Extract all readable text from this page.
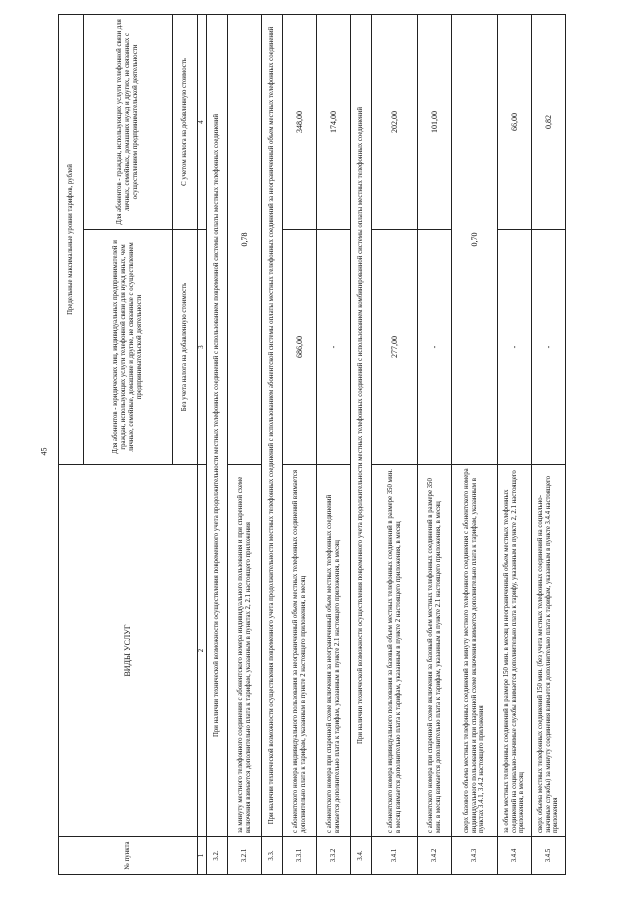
45
№ пункта	ВИДЫ УСЛУГ	Предельные максимальные уровни тарифов, рублей	
		Для абонентов - юридических лиц, индивидуальных предпринимателей и граждан, использующих услуги телефонной связи для нужд иных, чем личные, семейные, домашние и другие, не связанные с осуществлением предпринимательской деятельности	Для абонентов - граждан, использующих услуги телефонной связи для личных, семейных, домашних нужд и других, не связанных с осуществлением предпринимательской деятельности
		Без учета налога на добавленную стоимость	С учетом налога на добавленную стоимость
1	2	3	4
3.2.	При наличии технической возможности осуществления повременного учета продолжительности местных телефонных соединений с использованием повременной системы оплаты местных телефонных соединений		
3.2.1	за минуту местного телефонного соединения с абонентского номера индивидуального пользования и при спаренной схеме включения взимается дополнительно плата к тарифам, указанным в пунктах 2, 2.1 настоящего приложения	0,78	
3.3.	При наличии технической возможности осуществления повременного учета продолжительности местных телефонных соединений с использованием абонентской системы оплаты местных телефонных соединений за неограниченный объем местных телефонных соединений		
3.3.1	с абонентского номера индивидуального пользования за неограниченный объем местных телефонных соединений взимается дополнительно плата к тарифам, указанным в пункте 2 настоящего приложения, в месяц	686,00	348,00
3.3.2	с абонентского номера при спаренной схеме включения за неограниченный объем местных телефонных соединений взимается дополнительно плата к тарифам, указанным в пункте 2.1 настоящего приложения, в месяц	-	174,00
3.4.	При наличии технической возможности осуществления повременного учета продолжительности местных телефонных соединений с использованием комбинированной системы оплаты местных телефонных соединений		
3.4.1	с абонентского номера индивидуального пользования за базовый объем местных телефонных соединений в размере 350 мин. в месяц взимается дополнительно плата к тарифам, указанным в пункте 2 настоящего приложения, в месяц	277,00	202,00
3.4.2	с абонентского номера при спаренной схеме включения за базовый объем местных телефонных соединений в размере 350 мин. в месяц взимается дополнительно плата к тарифам, указанным в пункте 2.1 настоящего приложения, в месяц	-	101,00
3.4.3	сверх базового объема местных телефонных соединений за минуту местного телефонного соединения с абонентского номера индивидуального пользования и при спаренной схеме включения взимается дополнительно плата к тарифам, указанным в пунктах 3.4.1, 3.4.2 настоящего приложения	0,70	
3.4.4	за объем местных телефонных соединений в размере 150 мин. в месяц и неограниченный объем местных телефонных соединений на социально-значимые службы взимается дополнительно плата к тарифу, указанным в пункте 2, 2.1 настоящего приложения, в месяц	-	66,00
3.4.5	сверх объема местных телефонных соединений 150 мин. (без учета местных телефонных соединений на социально-значимые службы) за минуту соединения взимается дополнительно плата к тарифам, указанным в пункте 3.4.4 настоящего приложения	-	0,82
